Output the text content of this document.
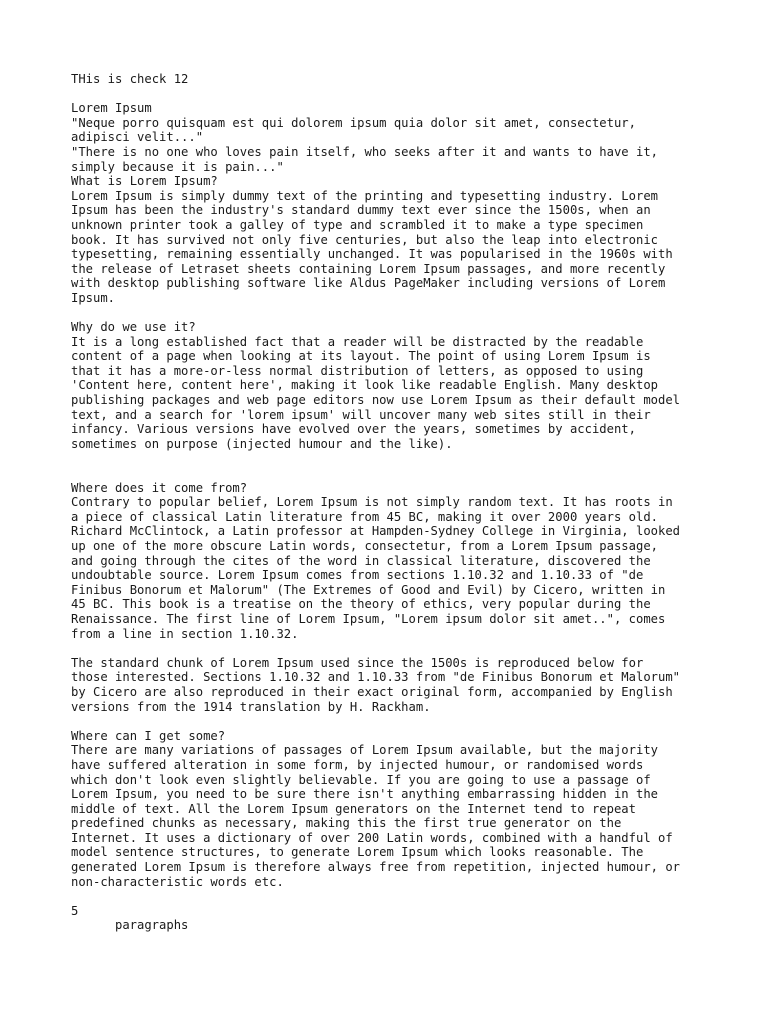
THis is check 12
Lorem Ipsum
"Neque porro quisquam est qui dolorem ipsum quia dolor sit amet, consectetur,
adipisci velit..."
"There is no one who loves pain itself, who seeks after it and wants to have it,
simply because it is pain..."
What is Lorem Ipsum?
Lorem Ipsum is simply dummy text of the printing and typesetting industry. Lorem
Ipsum has been the industry's standard dummy text ever since the 1500s, when an
unknown printer took a galley of type and scrambled it to make a type specimen
book. It has survived not only five centuries, but also the leap into electronic
typesetting, remaining essentially unchanged. It was popularised in the 1960s with
the release of Letraset sheets containing Lorem Ipsum passages, and more recently
with desktop publishing software like Aldus PageMaker including versions of Lorem
Ipsum.
Why do we use it?
It is a long established fact that a reader will be distracted by the readable
content of a page when looking at its layout. The point of using Lorem Ipsum is
that it has a more-or-less normal distribution of letters, as opposed to using
'Content here, content here', making it look like readable English. Many desktop
publishing packages and web page editors now use Lorem Ipsum as their default model
text, and a search for 'lorem ipsum' will uncover many web sites still in their
infancy. Various versions have evolved over the years, sometimes by accident,
sometimes on purpose (injected humour and the like).
Where does it come from?
Contrary to popular belief, Lorem Ipsum is not simply random text. It has roots in
a piece of classical Latin literature from 45 BC, making it over 2000 years old.
Richard McClintock, a Latin professor at Hampden-Sydney College in Virginia, looked
up one of the more obscure Latin words, consectetur, from a Lorem Ipsum passage,
and going through the cites of the word in classical literature, discovered the
undoubtable source. Lorem Ipsum comes from sections 1.10.32 and 1.10.33 of "de
Finibus Bonorum et Malorum" (The Extremes of Good and Evil) by Cicero, written in
45 BC. This book is a treatise on the theory of ethics, very popular during the
Renaissance. The first line of Lorem Ipsum, "Lorem ipsum dolor sit amet..", comes
from a line in section 1.10.32.
The standard chunk of Lorem Ipsum used since the 1500s is reproduced below for
those interested. Sections 1.10.32 and 1.10.33 from "de Finibus Bonorum et Malorum"
by Cicero are also reproduced in their exact original form, accompanied by English
versions from the 1914 translation by H. Rackham.
Where can I get some?
There are many variations of passages of Lorem Ipsum available, but the majority
have suffered alteration in some form, by injected humour, or randomised words
which don't look even slightly believable. If you are going to use a passage of
Lorem Ipsum, you need to be sure there isn't anything embarrassing hidden in the
middle of text. All the Lorem Ipsum generators on the Internet tend to repeat
predefined chunks as necessary, making this the first true generator on the
Internet. It uses a dictionary of over 200 Latin words, combined with a handful of
model sentence structures, to generate Lorem Ipsum which looks reasonable. The
generated Lorem Ipsum is therefore always free from repetition, injected humour, or
non-characteristic words etc.
5
paragraphs
